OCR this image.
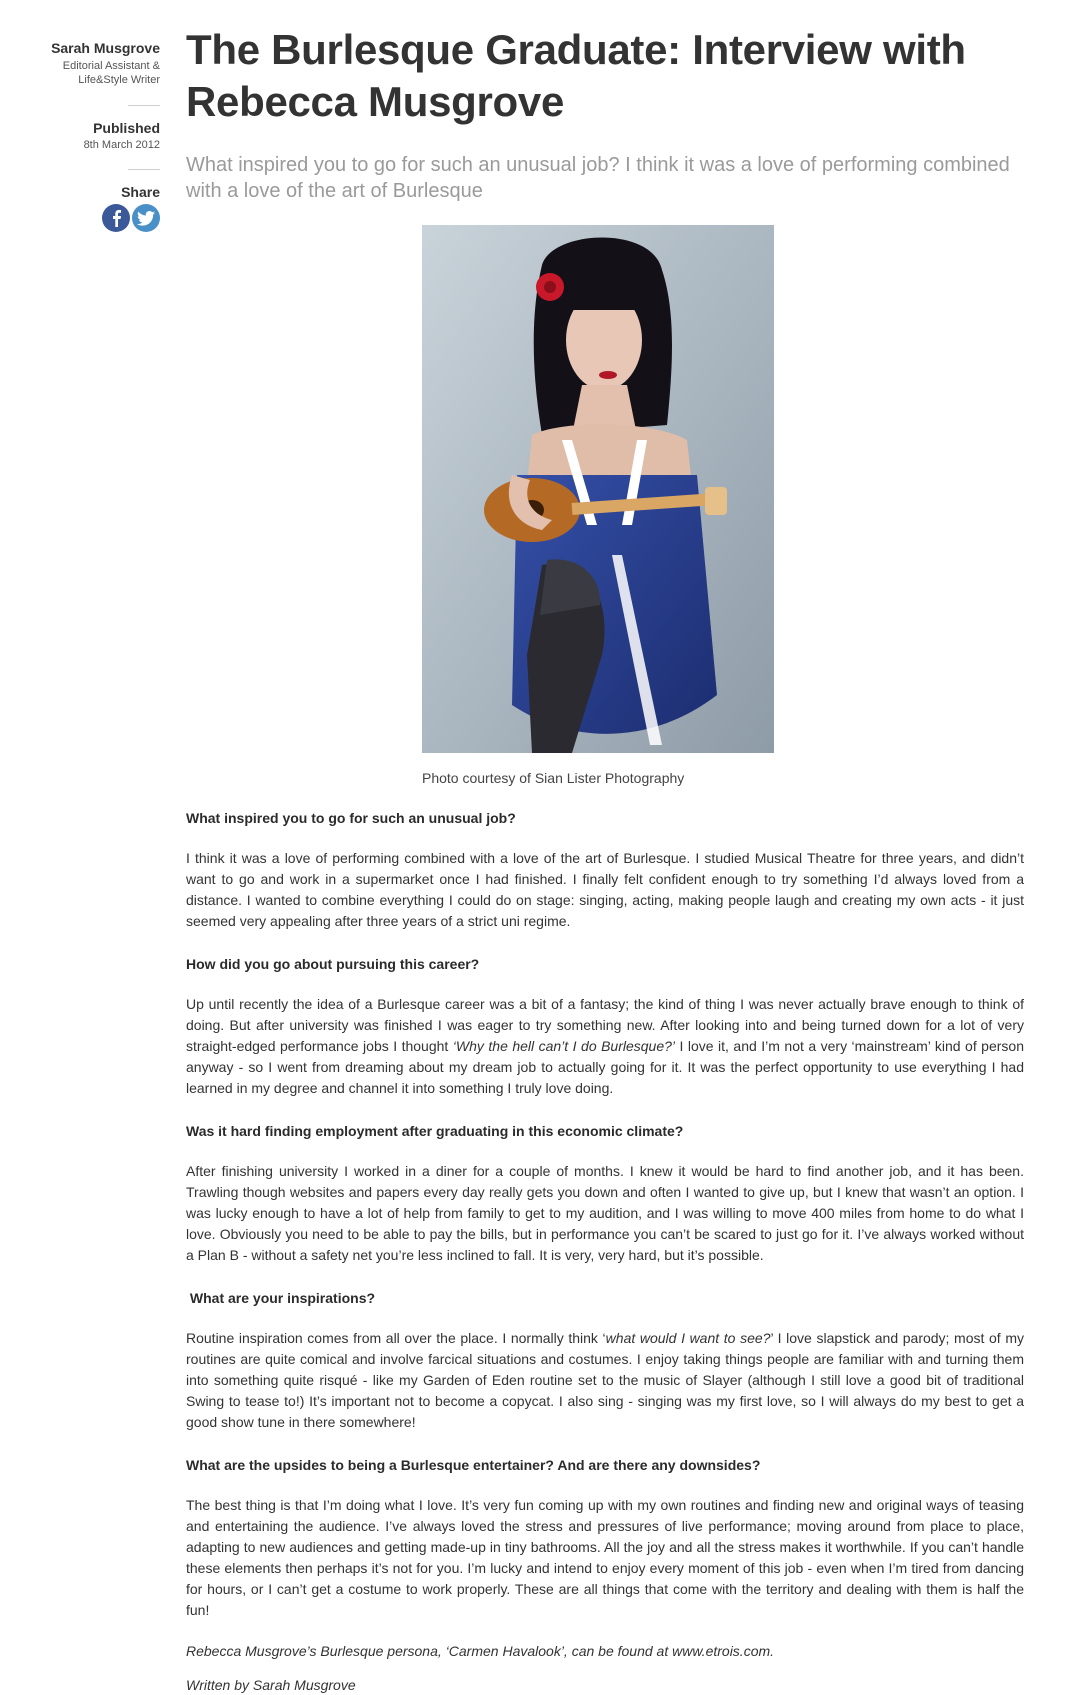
Sarah Musgrove
Editorial Assistant &
Life&Style Writer
Published
8th March 2012
Share
The Burlesque Graduate: Interview with Rebecca Musgrove

What inspired you to go for such an unusual job? I think it was a love of performing combined with a love of the art of Burlesque

Photo courtesy of Sian Lister Photography

What inspired you to go for such an unusual job?

I think it was a love of performing combined with a love of the art of Burlesque. I studied Musical Theatre for three years, and didn’t want to go and work in a supermarket once I had finished. I finally felt confident enough to try something I’d always loved from a distance. I wanted to combine everything I could do on stage: singing, acting, making people laugh and creating my own acts - it just seemed very appealing after three years of a strict uni regime.

How did you go about pursuing this career?

Up until recently the idea of a Burlesque career was a bit of a fantasy; the kind of thing I was never actually brave enough to think of doing. But after university was finished I was eager to try something new. After looking into and being turned down for a lot of very straight-edged performance jobs I thought ‘Why the hell can’t I do Burlesque?’ I love it, and I’m not a very ‘mainstream’ kind of person anyway - so I went from dreaming about my dream job to actually going for it. It was the perfect opportunity to use everything I had learned in my degree and channel it into something I truly love doing.

Was it hard finding employment after graduating in this economic climate?

After finishing university I worked in a diner for a couple of months. I knew it would be hard to find another job, and it has been. Trawling though websites and papers every day really gets you down and often I wanted to give up, but I knew that wasn’t an option. I was lucky enough to have a lot of help from family to get to my audition, and I was willing to move 400 miles from home to do what I love. Obviously you need to be able to pay the bills, but in performance you can’t be scared to just go for it. I’ve always worked without a Plan B - without a safety net you’re less inclined to fall. It is very, very hard, but it’s possible.

What are your inspirations?

Routine inspiration comes from all over the place. I normally think ‘what would I want to see?’ I love slapstick and parody; most of my routines are quite comical and involve farcical situations and costumes. I enjoy taking things people are familiar with and turning them into something quite risqué - like my Garden of Eden routine set to the music of Slayer (although I still love a good bit of traditional Swing to tease to!) It’s important not to become a copycat. I also sing - singing was my first love, so I will always do my best to get a good show tune in there somewhere!

What are the upsides to being a Burlesque entertainer? And are there any downsides?

The best thing is that I’m doing what I love. It’s very fun coming up with my own routines and finding new and original ways of teasing and entertaining the audience. I’ve always loved the stress and pressures of live performance; moving around from place to place, adapting to new audiences and getting made-up in tiny bathrooms. All the joy and all the stress makes it worthwhile. If you can’t handle these elements then perhaps it’s not for you. I’m lucky and intend to enjoy every moment of this job - even when I’m tired from dancing for hours, or I can’t get a costume to work properly. These are all things that come with the territory and dealing with them is half the fun!

Rebecca Musgrove’s Burlesque persona, ‘Carmen Havalook’, can be found at www.etrois.com.

Written by Sarah Musgrove
